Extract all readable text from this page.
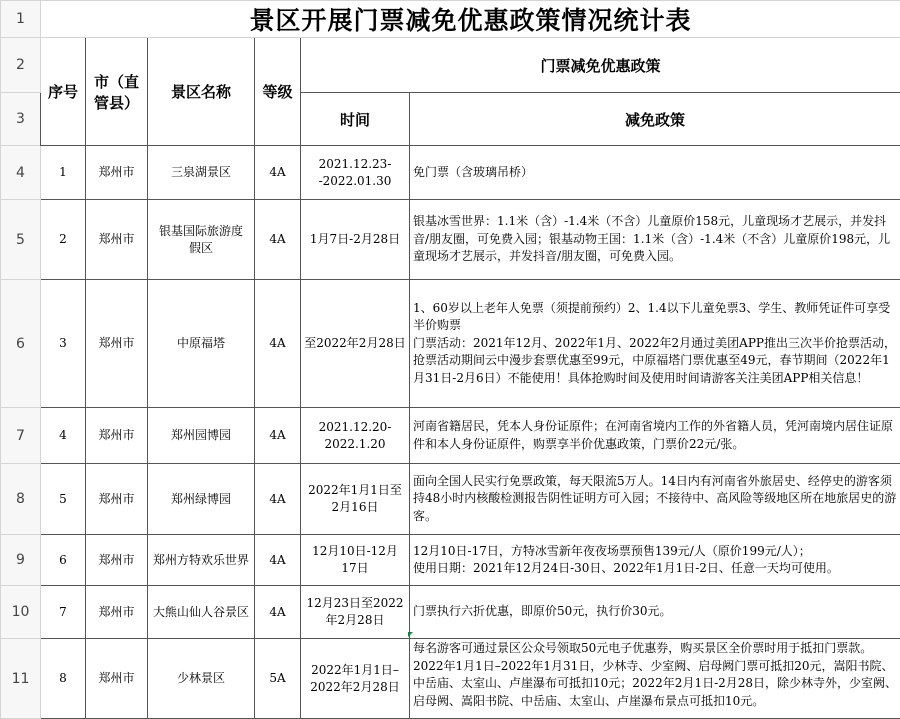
1	景区开展门票减免优惠政策情况统计表					
2	序号	市（直管县）	景区名称	等级	门票减免优惠政策	
3					时间	减免政策
4	1	郑州市	三泉湖景区	4A	2021.12.23--2022.01.30	免门票（含玻璃吊桥）

5	2	郑州市	银基国际旅游度假区	4A	1月7日-2月28日	银基冰雪世界：1.1米（含）-1.4米（不含）儿童原价158元，儿童现场才艺展示，并发抖音/朋友圈，可免费入园；银基动物王国：1.1米（含）-1.4米（不含）儿童原价198元，儿童现场才艺展示，并发抖音/朋友圈，可免费入园。

6	3	郑州市	中原福塔	4A	至2022年2月28日	1、60岁以上老年人免票（须提前预约）2、1.4以下儿童免票3、学生、教师凭证件可享受半价购票
门票活动：2021年12月、2022年1月、2022年2月通过美团APP推出三次半价抢票活动，抢票活动期间云中漫步套票优惠至99元，中原福塔门票优惠至49元，春节期间（2022年1月31日-2月6日）不能使用！具体抢购时间及使用时间请游客关注美团APP相关信息！

7	4	郑州市	郑州园博园	4A	2021.12.20-2022.1.20	河南省籍居民，凭本人身份证原件；在河南省境内工作的外省籍人员，凭河南境内居住证原件和本人身份证原件，购票享半价优惠政策，门票价22元/张。

8	5	郑州市	郑州绿博园	4A	2022年1月1日至2月16日	面向全国人民实行免票政策，每天限流5万人。14日内有河南省外旅居史、经停史的游客须持48小时内核酸检测报告阴性证明方可入园；不接待中、高风险等级地区所在地旅居史的游客。

9	6	郑州市	郑州方特欢乐世界	4A	12月10日-12月17日	12月10日-17日，方特冰雪新年夜夜场票预售139元/人（原价199元/人）；
使用日期：2021年12月24日-30日、2022年1月1日-2日、任意一天均可使用。

10	7	郑州市	大熊山仙人谷景区	4A	12月23日至2022年2月28日	门票执行六折优惠，即原价50元，执行价30元。

11	8	郑州市	少林景区	5A	2022年1月1日–2022年2月28日	每名游客可通过景区公众号领取50元电子优惠券，购买景区全价票时用于抵扣门票款。2022年1月1日–2022年1月31日，少林寺、少室阙、启母阙门票可抵扣20元，嵩阳书院、中岳庙、太室山、卢崖瀑布可抵扣10元；2022年2月1日-2月28日，除少林寺外，少室阙、启母阙、嵩阳书院、中岳庙、太室山、卢崖瀑布景点可抵扣10元。
